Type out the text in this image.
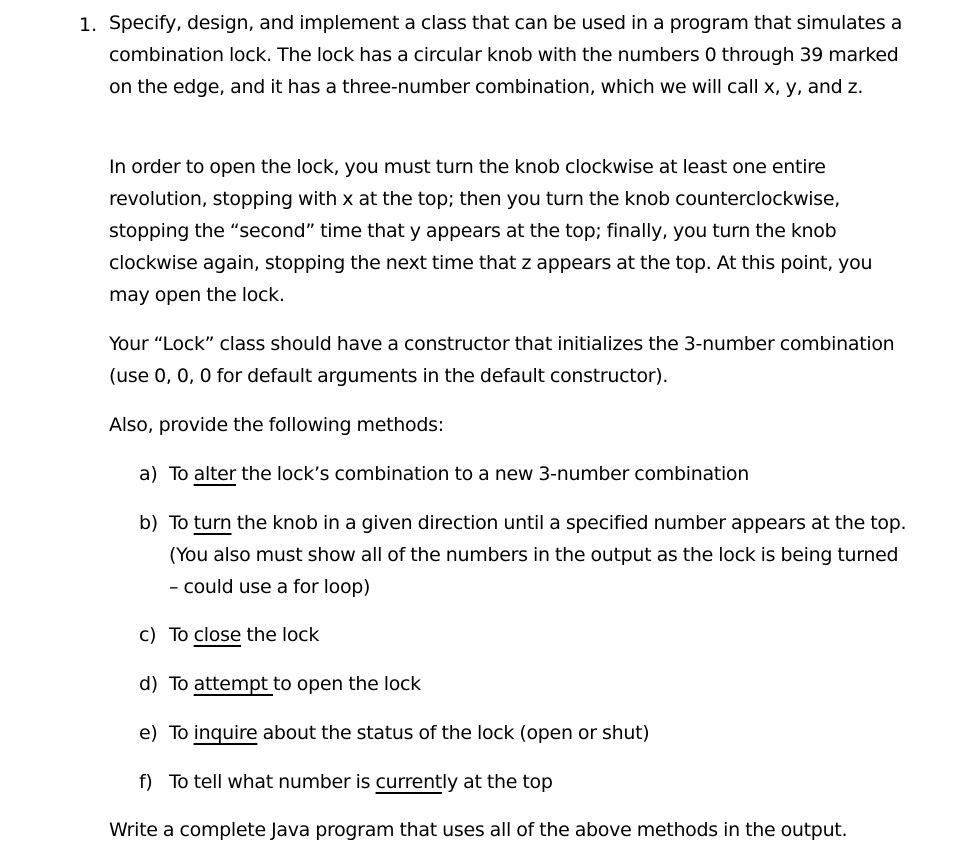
1. Specify, design, and implement a class that can be used in a program that simulates a combination lock. The lock has a circular knob with the numbers 0 through 39 marked on the edge, and it has a three-number combination, which we will call x, y, and z.
In order to open the lock, you must turn the knob clockwise at least one entire revolution, stopping with x at the top; then you turn the knob counterclockwise, stopping the “second” time that y appears at the top; finally, you turn the knob clockwise again, stopping the next time that z appears at the top. At this point, you may open the lock.
Your “Lock” class should have a constructor that initializes the 3-number combination (use 0, 0, 0 for default arguments in the default constructor).
Also, provide the following methods:
a) To alter the lock’s combination to a new 3-number combination
b) To turn the knob in a given direction until a specified number appears at the top. (You also must show all of the numbers in the output as the lock is being turned – could use a for loop)
c) To close the lock
d) To attempt to open the lock
e) To inquire about the status of the lock (open or shut)
f) To tell what number is currently at the top
Write a complete Java program that uses all of the above methods in the output.
